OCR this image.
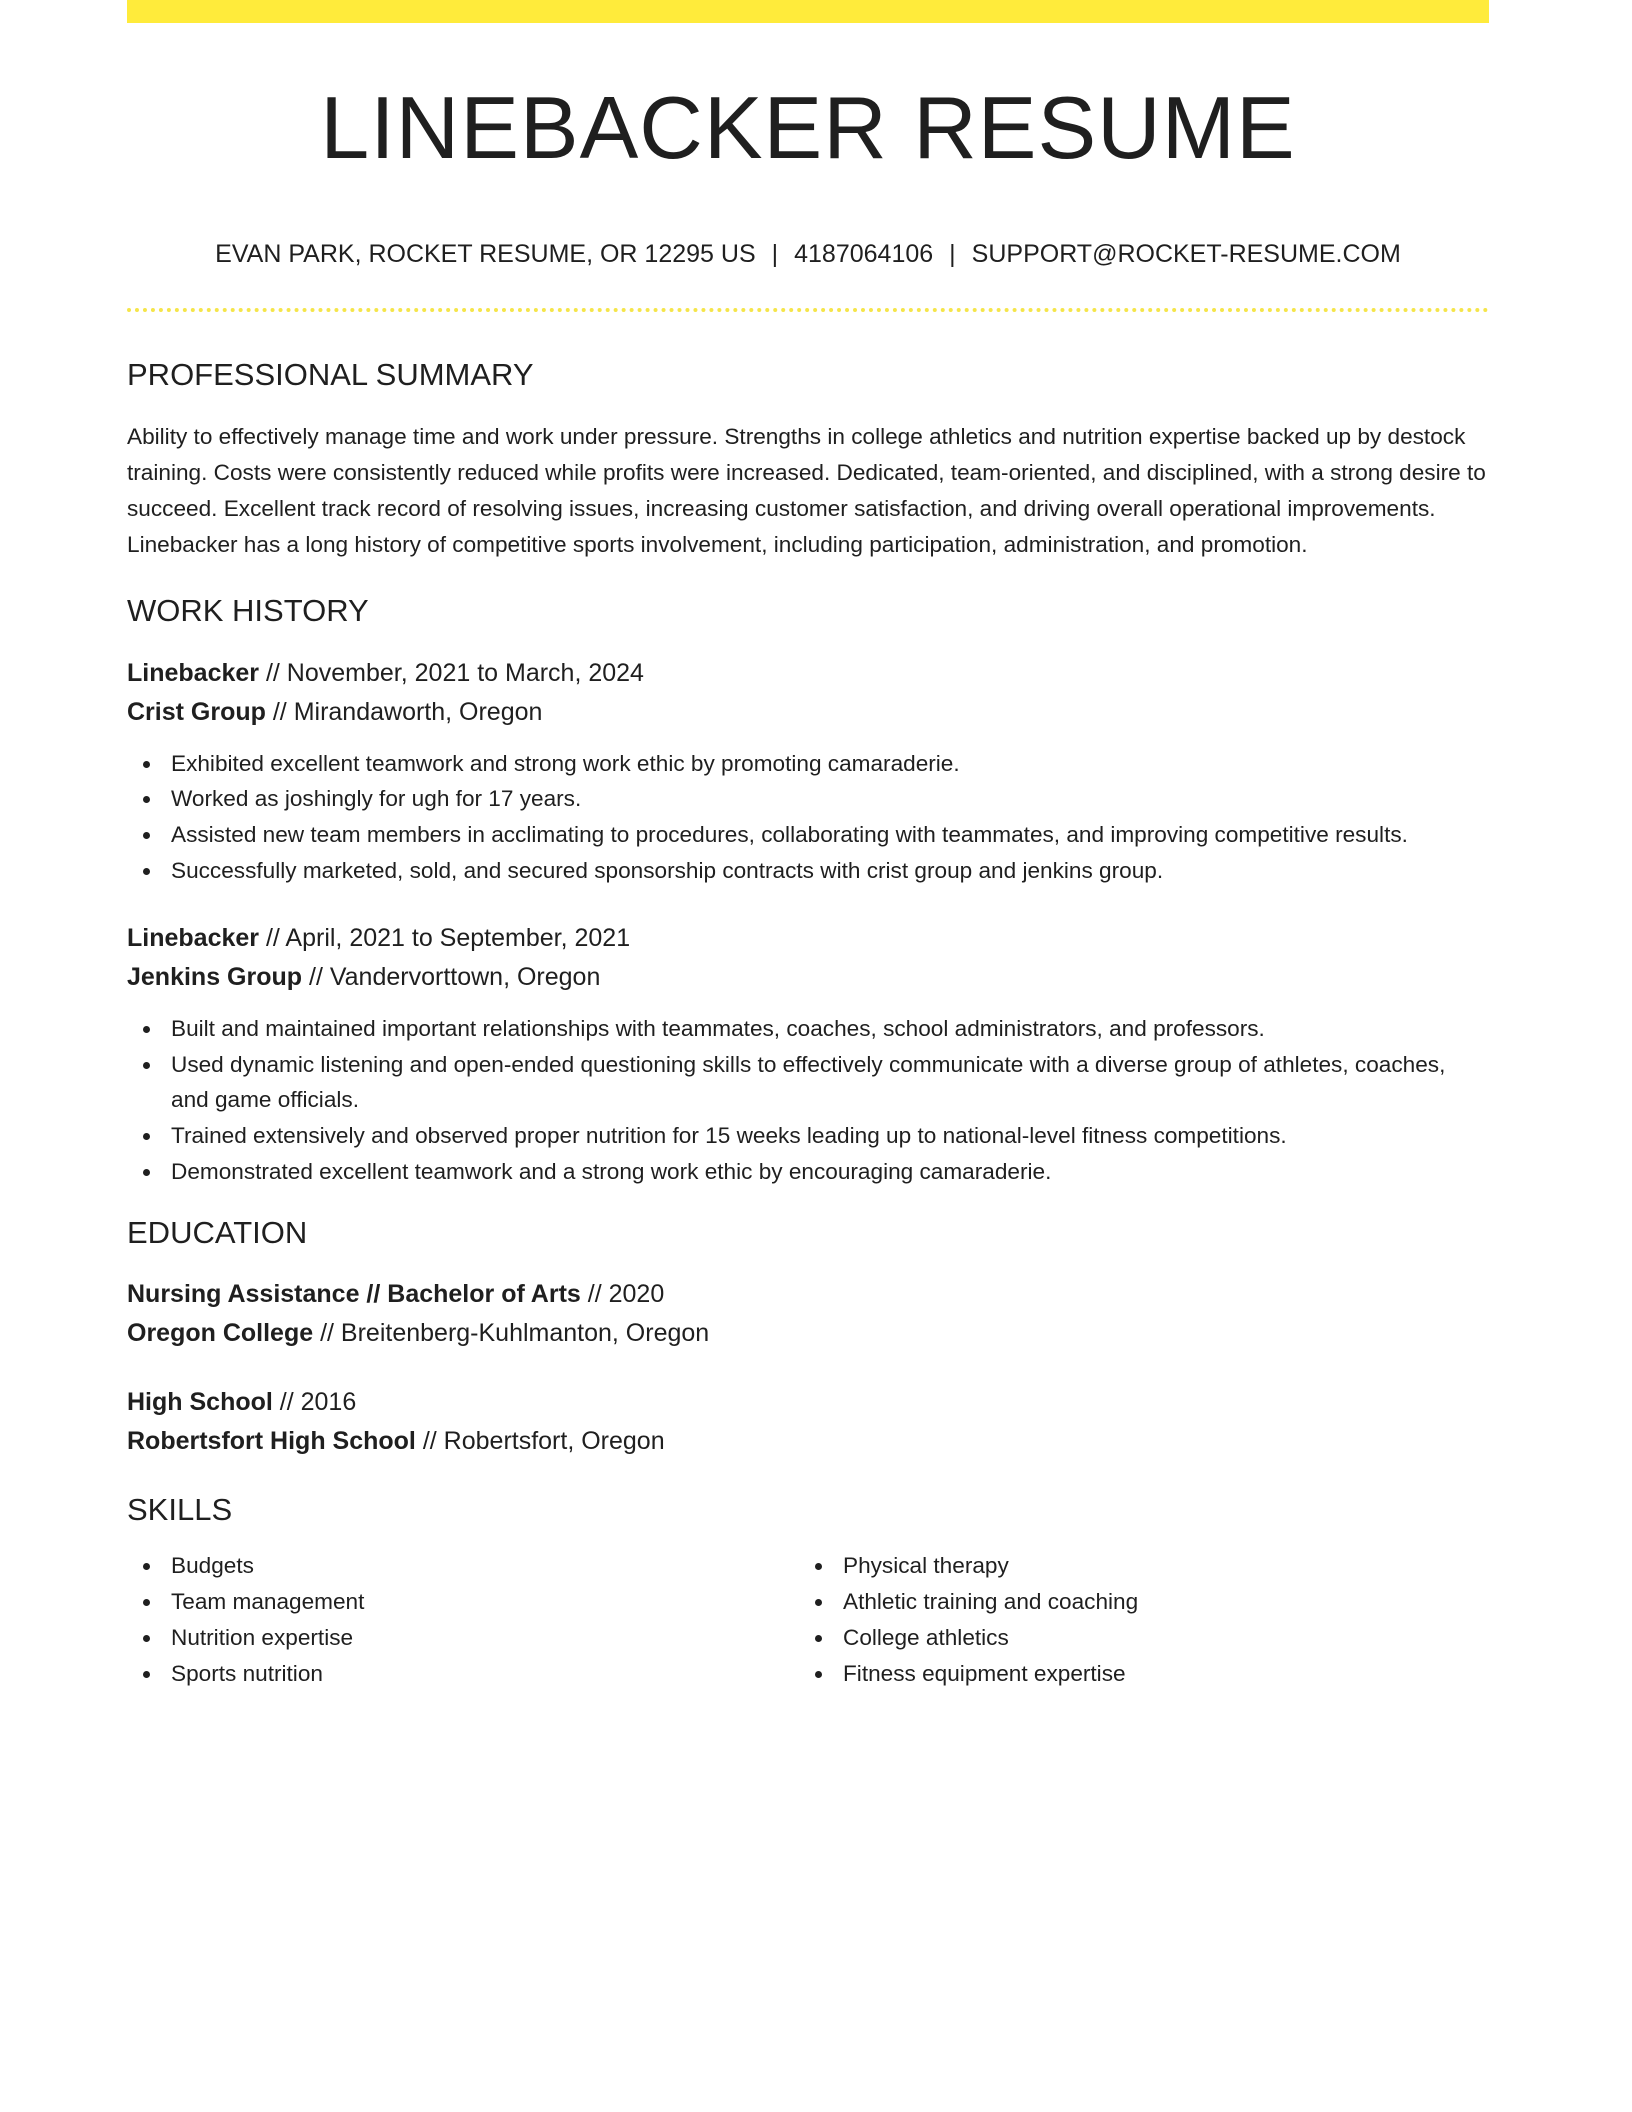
LINEBACKER RESUME
EVAN PARK, ROCKET RESUME, OR 12295 US | 4187064106 | SUPPORT@ROCKET-RESUME.COM
PROFESSIONAL SUMMARY

Ability to effectively manage time and work under pressure. Strengths in college athletics and nutrition expertise backed up by destock training. Costs were consistently reduced while profits were increased. Dedicated, team-oriented, and disciplined, with a strong desire to succeed. Excellent track record of resolving issues, increasing customer satisfaction, and driving overall operational improvements. Linebacker has a long history of competitive sports involvement, including participation, administration, and promotion.

WORK HISTORY
Linebacker // November, 2021 to March, 2024
Crist Group // Mirandaworth, Oregon
Exhibited excellent teamwork and strong work ethic by promoting camaraderie.
Worked as joshingly for ugh for 17 years.
Assisted new team members in acclimating to procedures, collaborating with teammates, and improving competitive results.
Successfully marketed, sold, and secured sponsorship contracts with crist group and jenkins group.
Linebacker // April, 2021 to September, 2021
Jenkins Group // Vandervorttown, Oregon
Built and maintained important relationships with teammates, coaches, school administrators, and professors.
Used dynamic listening and open-ended questioning skills to effectively communicate with a diverse group of athletes, coaches, and game officials.
Trained extensively and observed proper nutrition for 15 weeks leading up to national-level fitness competitions.
Demonstrated excellent teamwork and a strong work ethic by encouraging camaraderie.
EDUCATION
Nursing Assistance // Bachelor of Arts // 2020
Oregon College // Breitenberg-Kuhlmanton, Oregon
High School // 2016
Robertsfort High School // Robertsfort, Oregon
SKILLS
Budgets
Team management
Nutrition expertise
Sports nutrition
Physical therapy
Athletic training and coaching
College athletics
Fitness equipment expertise
